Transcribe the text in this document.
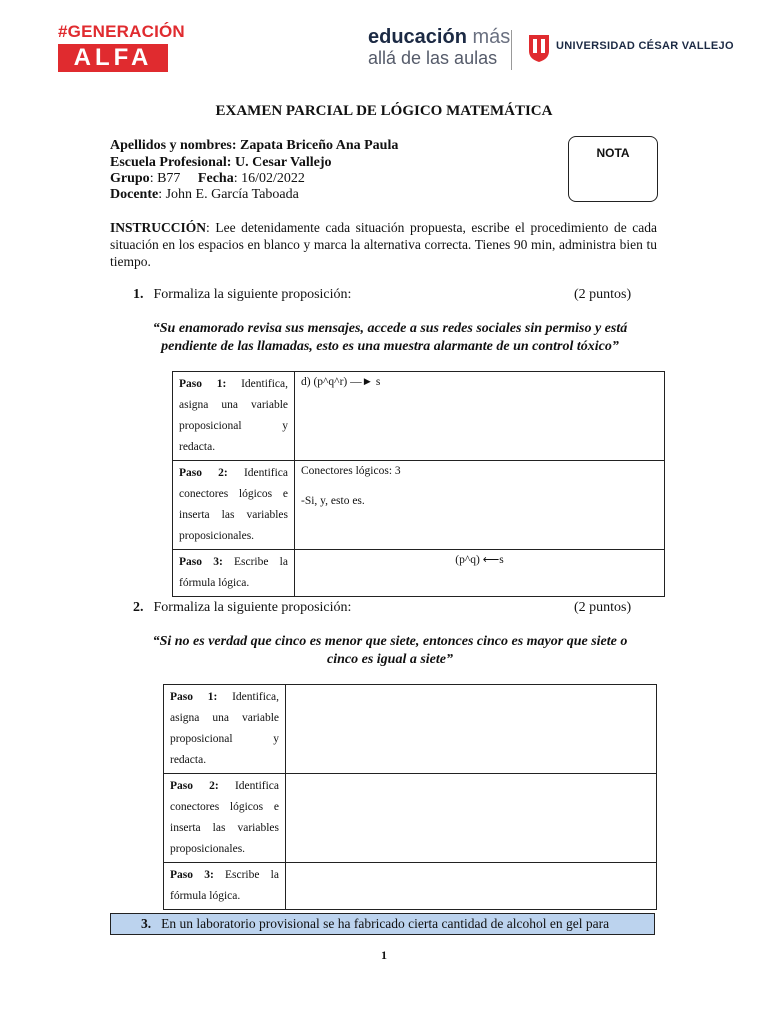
#GENERACIÓN
ALFA
educación más
allá de las aulas
UNIVERSIDAD CÉSAR VALLEJO
EXAMEN PARCIAL DE LÓGICO MATEMÁTICA
Apellidos y nombres: Zapata Briceño Ana Paula
Escuela Profesional: U. Cesar Vallejo
Grupo: B77 Fecha: 16/02/2022
Docente: John E. García Taboada
NOTA
INSTRUCCIÓN: Lee detenidamente cada situación propuesta, escribe el procedimiento de cada situación en los espacios en blanco y marca la alternativa correcta. Tienes 90 min, administra bien tu tiempo.
1. Formaliza la siguiente proposición:	(2 puntos)
“Su enamorado revisa sus mensajes, accede a sus redes sociales sin permiso y está pendiente de las llamadas, esto es una muestra alarmante de un control tóxico”
Paso 1: Identifica, asigna una variable proposicional y redacta.	d) (p^q^r) —► s

Paso 2: Identifica conectores lógicos e inserta las variables proposicionales.	Conectores lógicos: 3
-Si, y, esto es.

Paso 3: Escribe la fórmula lógica.	(p^q) ⟵s
2. Formaliza la siguiente proposición:	(2 puntos)
“Si no es verdad que cinco es menor que siete, entonces cinco es mayor que siete o cinco es igual a siete”
Paso 1: Identifica, asigna una variable proposicional y redacta.	
Paso 2: Identifica conectores lógicos e inserta las variables proposicionales.	
Paso 3: Escribe la fórmula lógica.	
3. En un laboratorio provisional se ha fabricado cierta cantidad de alcohol en gel para
1
